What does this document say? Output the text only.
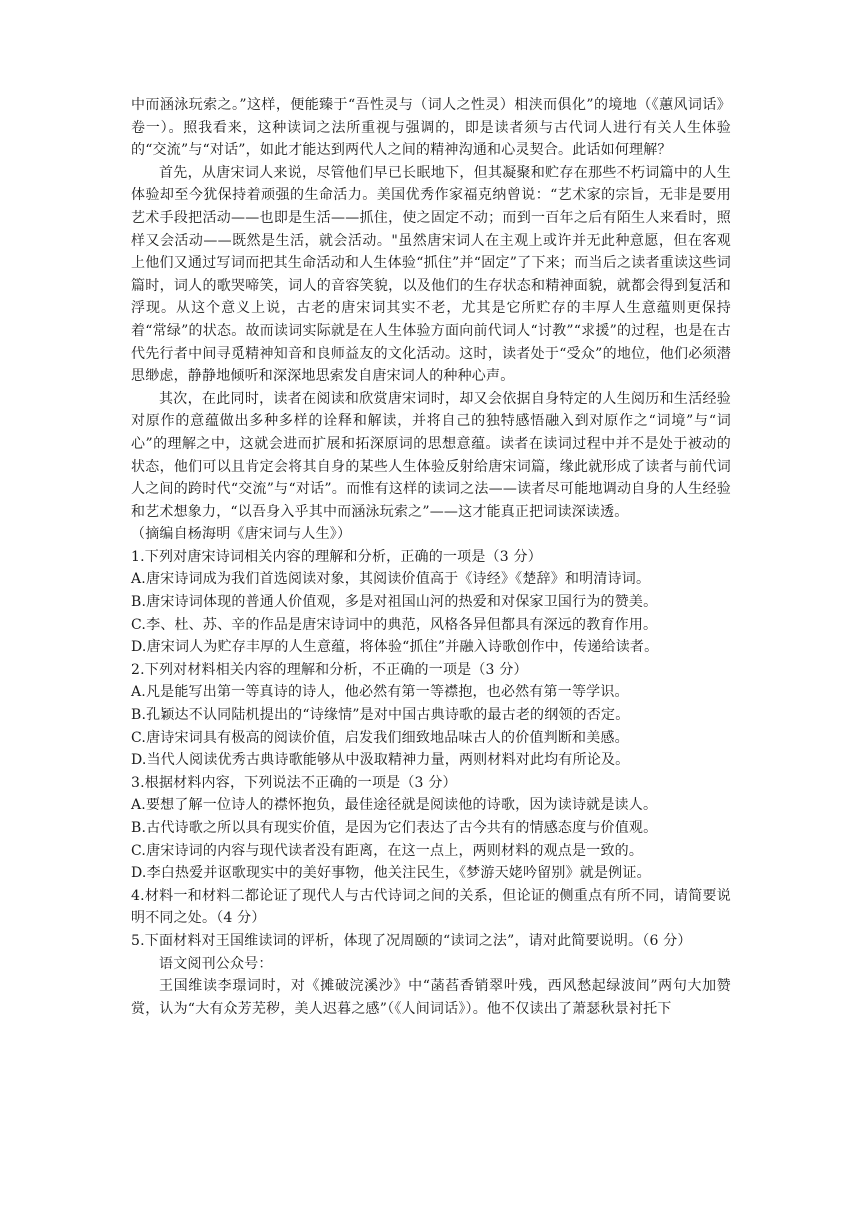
中而涵泳玩索之。”这样，便能臻于“吾性灵与（词人之性灵）相浃而俱化”的境地（《蕙风词话》卷一）。照我看来，这种读词之法所重视与强调的，即是读者须与古代词人进行有关人生体验的“交流”与“对话”，如此才能达到两代人之间的精神沟通和心灵契合。此话如何理解？

首先，从唐宋词人来说，尽管他们早已长眠地下，但其凝聚和贮存在那些不朽词篇中的人生体验却至今犹保持着顽强的生命活力。美国优秀作家福克纳曾说：“艺术家的宗旨，无非是要用艺术手段把活动——也即是生活——抓住，使之固定不动；而到一百年之后有陌生人来看时，照样又会活动——既然是生活，就会活动。"虽然唐宋词人在主观上或许并无此种意愿，但在客观上他们又通过写词而把其生命活动和人生体验“抓住”并“固定”了下来；而当后之读者重读这些词篇时，词人的歌哭啼笑，词人的音容笑貌，以及他们的生存状态和精神面貌，就都会得到复活和浮现。从这个意义上说，古老的唐宋词其实不老，尤其是它所贮存的丰厚人生意蕴则更保持着“常绿”的状态。故而读词实际就是在人生体验方面向前代词人“讨教”“求援”的过程，也是在古代先行者中间寻觅精神知音和良师益友的文化活动。这时，读者处于“受众”的地位，他们必须潜思缈虑，静静地倾听和深深地思索发自唐宋词人的种种心声。

其次，在此同时，读者在阅读和欣赏唐宋词时，却又会依据自身特定的人生阅历和生活经验对原作的意蕴做出多种多样的诠释和解读，并将自己的独特感悟融入到对原作之“词境”与“词心”的理解之中，这就会进而扩展和拓深原词的思想意蕴。读者在读词过程中并不是处于被动的状态，他们可以且肯定会将其自身的某些人生体验反射给唐宋词篇，缘此就形成了读者与前代词人之间的跨时代“交流”与“对话”。而惟有这样的读词之法——读者尽可能地调动自身的人生经验和艺术想象力，“以吾身入乎其中而涵泳玩索之”——这才能真正把词读深读透。

（摘编自杨海明《唐宋词与人生》）

1.下列对唐宋诗词相关内容的理解和分析，正确的一项是（3 分）

A.唐宋诗词成为我们首选阅读对象，其阅读价值高于《诗经》《楚辞》和明清诗词。

B.唐宋诗词体现的普通人价值观，多是对祖国山河的热爱和对保家卫国行为的赞美。

C.李、杜、苏、辛的作品是唐宋诗词中的典范，风格各异但都具有深远的教育作用。

D.唐宋词人为贮存丰厚的人生意蕴，将体验“抓住”并融入诗歌创作中，传递给读者。

2.下列对材料相关内容的理解和分析，不正确的一项是（3 分）

A.凡是能写出第一等真诗的诗人，他必然有第一等襟抱，也必然有第一等学识。

B.孔颖达不认同陆机提出的“诗缘情”是对中国古典诗歌的最古老的纲领的否定。

C.唐诗宋词具有极高的阅读价值，启发我们细致地品味古人的价值判断和美感。

D.当代人阅读优秀古典诗歌能够从中汲取精神力量，两则材料对此均有所论及。

3.根据材料内容，下列说法不正确的一项是（3 分）

A.要想了解一位诗人的襟怀抱负，最佳途径就是阅读他的诗歌，因为读诗就是读人。

B.古代诗歌之所以具有现实价值，是因为它们表达了古今共有的情感态度与价值观。

C.唐宋诗词的内容与现代读者没有距离，在这一点上，两则材料的观点是一致的。

D.李白热爱并讴歌现实中的美好事物，他关注民生，《梦游天姥吟留别》就是例证。

4.材料一和材料二都论证了现代人与古代诗词之间的关系，但论证的侧重点有所不同，请简要说明不同之处。（4 分）

5.下面材料对王国维读词的评析，体现了况周颐的“读词之法”，请对此简要说明。（6 分）

语文阅刊公众号：

王国维读李璟词时，对《摊破浣溪沙》中“菡萏香销翠叶残，西风愁起绿波间”两句大加赞赏，认为“大有众芳芜秽，美人迟暮之感”（《人间词话》）。他不仅读出了萧瑟秋景衬托下
